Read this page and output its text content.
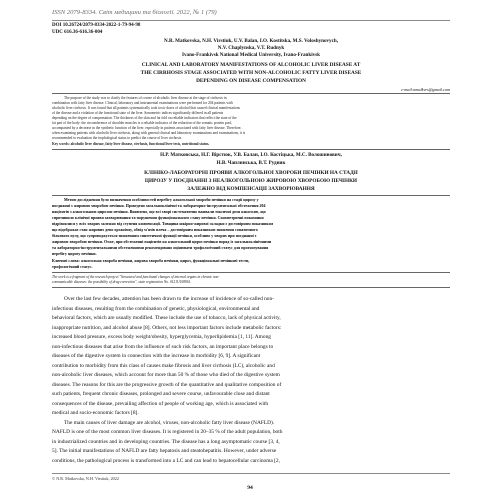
ISSN 2079-8334. Світ медицини та біології. 2022, № 1 (79)
DOI 10.26724/2079-8334-2022-1-79-94-98
UDC 616.36-616.36-004
N.R. Matkovska, N.H. Virstiuk, U.V. Balan, I.O. Kostitska, M.S. Voloshynovych,
N.V. Chaplynska, V.T. Rudnyk
Ivano-Frankivsk National Medical University, Ivano-Frankivsk
CLINICAL AND LABORATORY MANIFESTATIONS OF ALCOHOLIC LIVER DISEASE AT
THE CIRRHOSIS STAGE ASSOCIATED WITH NON-ALCOHOLIC FATTY LIVER DISEASE
DEPENDING ON DISEASE COMPENSATION
e-mail:nmalkvrs@gmail.com
The purpose of the study was to clarify the features of course of alcoholic liver disease at the stage of cirrhosis in
combination with fatty liver disease. Clinical, laboratory and instrumental examinations were performed for 204 patients with
alcoholic liver cirrhosis. It was found that all patients systematically took toxic doses of alcohol that caused clinical manifestations
of the disease and a violation of the functional state of the liver. Sonometric indices significantly differed in all patients
depending on the degree of compensation. The thickness of the skin and fat fold on reliable indicators that reflect the state of the
fat part of the body: the circumference of shoulder muscles is a reliable indicator of the reduction of the somatic protein pool,
accompanied by a decrease in the synthetic function of the liver, especially in patients associated with fatty liver disease. Therefore,
when examining patients with alcoholic liver cirrhosis, along with general clinical and laboratory examinations and examinations, it is
recommended to evaluation the trophological status to predict the course of liver cirrhosis.
Key words: alcoholic liver disease, fatty liver disease, cirrhosis, functional liver tests, nutritional status.
Н.Р. Матковська, Н.Г. Вірстюк, У.В. Балан, І.О. Костіцька, М.С. Волошинович,
Н.В. Чаплинська, В.Т. Рудник
КЛІНІКО-ЛАБОРАТОРНІ ПРОЯВИ АЛКОГОЛЬНОЇ ХВОРОБИ ПЕЧІНКИ НА СТАДІЇ
ЦИРОЗУ У ПОЄДНАННІ З НЕАЛКОГОЛЬНОЮ ЖИРОВОЮ ХВОРОБОЮ ПЕЧІНКИ
ЗАЛЕЖНО ВІД КОМПЕНСАЦІЇ ЗАХВОРЮВАННЯ
Метою дослідження було визначення особливостей перебігу алкогольної хвороби печінки на стадії цирозу у
поєднанні з жировою хворобою печінки. Проведено загальноклінічні та лабораторно-інструментальні обстеження 204
пацієнтів з алкогольним цирозом печінки. Виявлено, що всі хворі систематично вживали токсичні дози алкоголю, що
спричинило клінічні прояви захворювання та порушення функціонального стану печінки. Сонометричні показники
відрізнялися у всіх хворих залежно від ступеня компенсації. Товщина шкірно-жирової складки є достовірним показником
що відображає стан жирових депо організму, обвід м'язів плеча – достовірним показником зниження соматичного
білкового пулу, що супроводжується зниженням синтетичної функції печінки, особливо у хворих при поєднанні з
жировою хворобою печінки. Отже, при обстеженні пацієнтів на алкогольний цироз печінки поряд із загальноклінічними
та лабораторно-інструментальними обстеженнями рекомендовано оцінювати трофологічний статус для прогнозування
перебігу цирозу печінки.
Ключові слова: алкогольна хвороба печінки, жирова хвороба печінки, цироз, функціональні печінкові тести,
трофологічний статус.
The work is a fragment of the research project "Structural and functional changes of internal organs in chronic non-
communicable diseases: the possibility of drug correction", state registration No. 0121U108961.
Over the last few decades, attention has been drawn to the increase of incidence of so-called non-
infectious diseases, resulting from the combination of genetic, physiological, environmental and
behavioral factors, which are usually modified. These include the use of tobacco, lack of physical activity,
inappropriate nutrition, and alcohol abuse [8]. Others, not less important factors include metabolic factors:
increased blood pressure, excess body weight/obesity, hyperglycemia, hyperlipidemia [1, 11]. Among
non-infectious diseases that arise from the influence of such risk factors, an important place belongs to
diseases of the digestive system in connection with the increase in morbidity [6, 9]. A significant
contribution to morbidity from this class of causes make fibrosis and liver cirrhosis (LC), alcoholic and
non-alcoholic liver diseases, which account for more than 50 % of those who died of the digestive system
diseases. The reasons for this are the progressive growth of the quantitative and qualitative composition of
such patients, frequent chronic diseases, prolonged and severe course, unfavourable close and distant
consequences of the disease, prevailing affection of people of working age, which is associated with
medical and socio-economic factors [8].
The main causes of liver damage are alcohol, viruses, non-alcoholic fatty liver disease (NAFLD).
NAFLD is one of the most common liver diseases. It is registered in 20–35 % of the adult population, both
in industrialized countries and in developing countries. The disease has a long asymptomatic course [3, 4,
5]. The initial manifestations of NAFLD are fatty hepatosis and steatohepatitis. However, under adverse
conditions, the pathological process is transformed into a LC and can lead to hepatocellular carcinoma [2,
© N.R. Matkovska, N.H. Virstiuk, 2022
94
